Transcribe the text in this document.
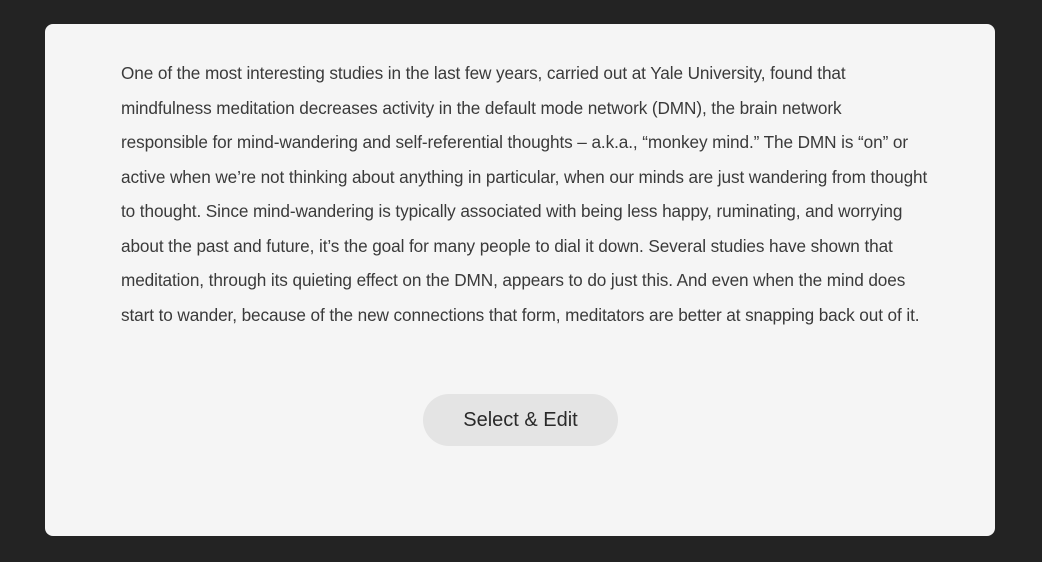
One of the most interesting studies in the last few years, carried out at Yale University, found that mindfulness meditation decreases activity in the default mode network (DMN), the brain network responsible for mind-wandering and self-referential thoughts – a.k.a., “monkey mind.” The DMN is “on” or active when we’re not thinking about anything in particular, when our minds are just wandering from thought to thought. Since mind-wandering is typically associated with being less happy, ruminating, and worrying about the past and future, it’s the goal for many people to dial it down. Several studies have shown that meditation, through its quieting effect on the DMN, appears to do just this. And even when the mind does start to wander, because of the new connections that form, meditators are better at snapping back out of it.

Select & Edit
